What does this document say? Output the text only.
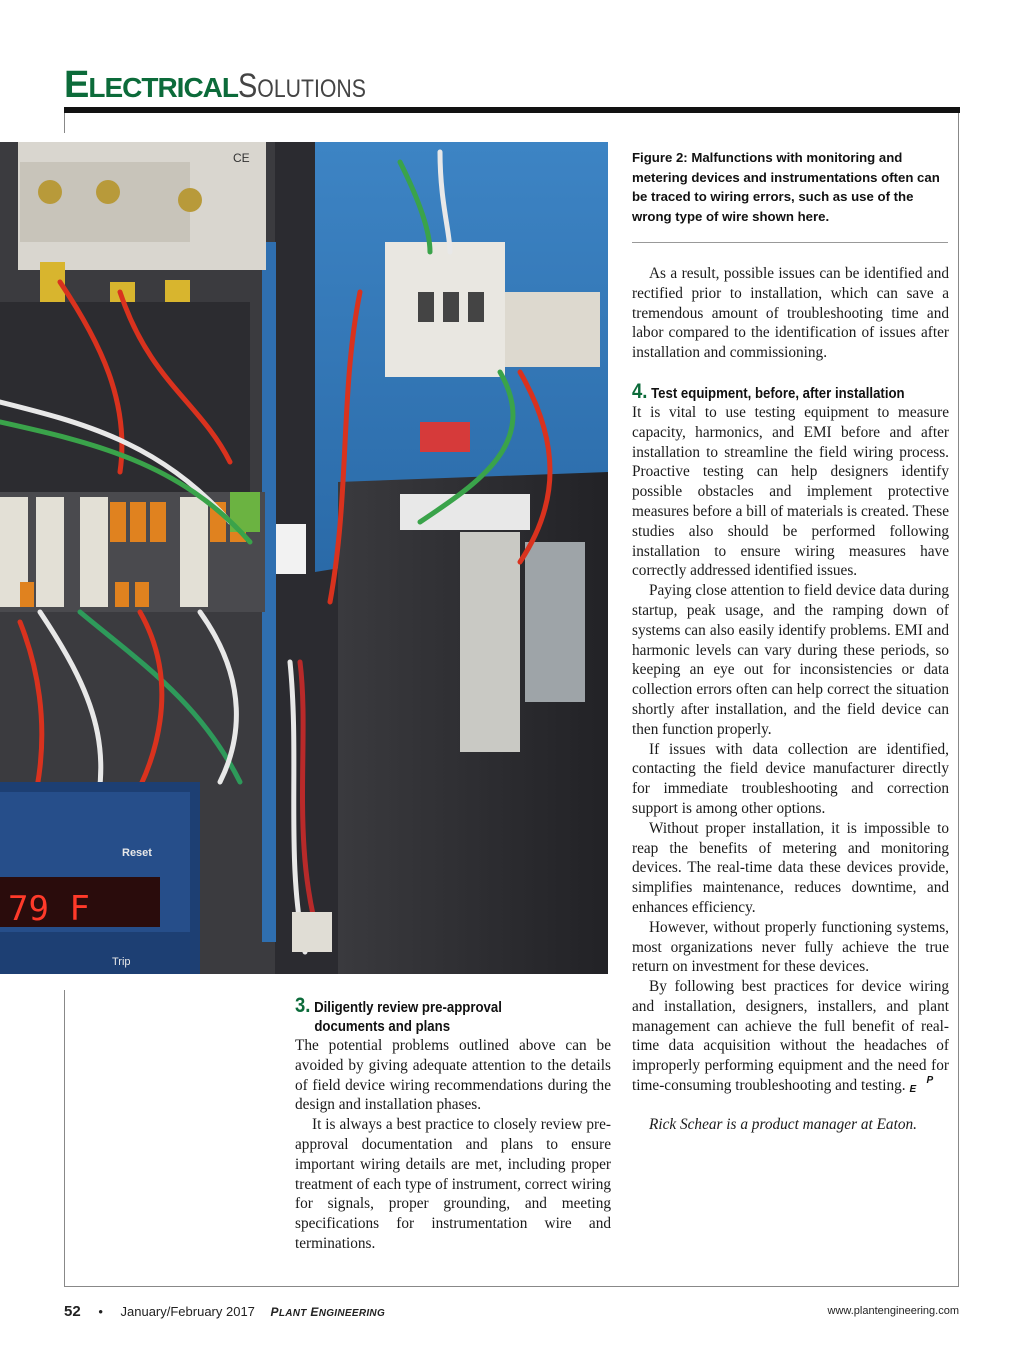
ELECTRICALSOLUTIONS
CE
79 F
Reset
Trip
Figure 2: Malfunctions with monitoring and metering devices and instrumentations often can be traced to wiring errors, such as use of the wrong type of wire shown here.

As a result, possible issues can be identified and rectified prior to installation, which can save a tremendous amount of troubleshooting time and labor compared to the identification of issues after installation and commissioning.

4. Test equipment, before, after installation

It is vital to use testing equipment to measure capacity, harmonics, and EMI before and after installation to streamline the field wiring process. Proactive testing can help designers identify possible obstacles and implement protective measures before a bill of materials is created. These studies also should be performed following installation to ensure wiring measures have correctly addressed identified issues.

Paying close attention to field device data during startup, peak usage, and the ramping down of systems can also easily identify problems. EMI and harmonic levels can vary during these periods, so keeping an eye out for inconsistencies or data collection errors often can help correct the situation shortly after installation, and the field device can then function properly.

If issues with data collection are identified, contacting the field device manufacturer directly for immediate troubleshooting and correction support is among other options.

Without proper installation, it is impossible to reap the benefits of metering and monitoring devices. The real-time data these devices provide, simplifies maintenance, reduces downtime, and enhances efficiency.

However, without properly functioning systems, most organizations never fully achieve the true return on investment for these devices.

By following best practices for device wiring and installation, designers, installers, and plant management can achieve the full benefit of real-time data acquisition without the headaches of improperly performing equipment and the need for time-consuming troubleshooting and testing. P
E

Rick Schear is a product manager at Eaton.

3. Diligently review pre-approval
documents and plans

The potential problems outlined above can be avoided by giving adequate attention to the details of field device wiring recommendations during the design and installation phases.

It is always a best practice to closely review pre-approval documentation and plans to ensure important wiring details are met, including proper treatment of each type of instrument, correct wiring for signals, proper grounding, and meeting specifications for instrumentation wire and terminations.

52 • January/February 2017 PLANT ENGINEERING	www.plantengineering.com
